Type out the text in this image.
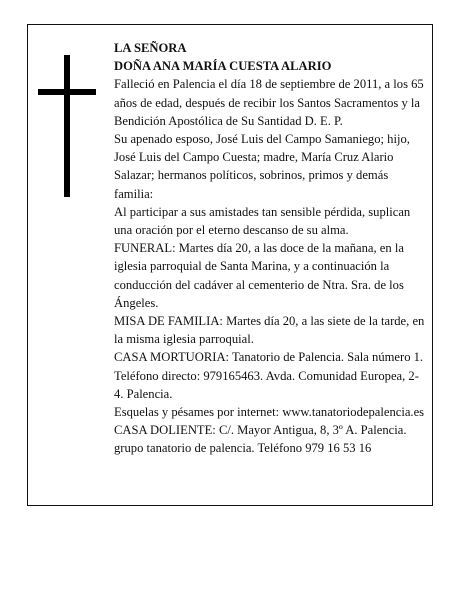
LA SEÑORA
DOÑA ANA MARÍA CUESTA ALARIO
Falleció en Palencia el día 18 de septiembre de 2011, a los 65 años de edad, después de recibir los Santos Sacramentos y la Bendición Apostólica de Su Santidad D. E. P.
Su apenado esposo, José Luis del Campo Samaniego; hijo, José Luis del Campo Cuesta; madre, María Cruz Alario Salazar; hermanos políticos, sobrinos, primos y demás familia:
Al participar a sus amistades tan sensible pérdida, suplican una oración por el eterno descanso de su alma.
FUNERAL: Martes día 20, a las doce de la mañana, en la iglesia parroquial de Santa Marina, y a continuación la conducción del cadáver al cementerio de Ntra. Sra. de los Ángeles.
MISA DE FAMILIA: Martes día 20, a las siete de la tarde, en la misma iglesia parroquial.
CASA MORTUORIA: Tanatorio de Palencia. Sala número 1. Teléfono directo: 979165463. Avda. Comunidad Europea, 2-4. Palencia.
Esquelas y pésames por internet: www.tanatoriodepalencia.es
CASA DOLIENTE: C/. Mayor Antigua, 8, 3º A. Palencia.
grupo tanatorio de palencia. Teléfono 979 16 53 16
